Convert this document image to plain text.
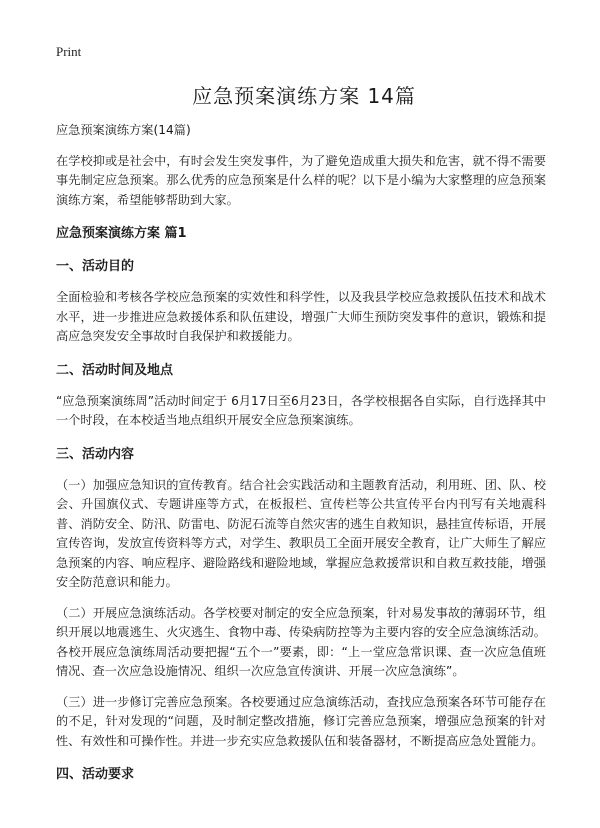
Print
应急预案演练方案 14篇

应急预案演练方案(14篇)

在学校抑或是社会中，有时会发生突发事件，为了避免造成重大损失和危害，就不得不需要事先制定应急预案。那么优秀的应急预案是什么样的呢？以下是小编为大家整理的应急预案演练方案，希望能够帮助到大家。

应急预案演练方案 篇1
一、活动目的

全面检验和考核各学校应急预案的实效性和科学性，以及我县学校应急救援队伍技术和战术水平，进一步推进应急救援体系和队伍建设，增强广大师生预防突发事件的意识，锻炼和提高应急突发安全事故时自我保护和救援能力。

二、活动时间及地点

“应急预案演练周”活动时间定于 6月17日至6月23日，各学校根据各自实际，自行选择其中一个时段，在本校适当地点组织开展安全应急预案演练。

三、活动内容

（一）加强应急知识的宣传教育。结合社会实践活动和主题教育活动，利用班、团、队、校会、升国旗仪式、专题讲座等方式，在板报栏、宣传栏等公共宣传平台内刊写有关地震科普、消防安全、防汛、防雷电、防泥石流等自然灾害的逃生自救知识，悬挂宣传标语，开展宣传咨询，发放宣传资料等方式，对学生、教职员工全面开展安全教育，让广大师生了解应急预案的内容、响应程序、避险路线和避险地域，掌握应急救援常识和自救互救技能，增强安全防范意识和能力。

（二）开展应急演练活动。各学校要对制定的安全应急预案，针对易发事故的薄弱环节，组织开展以地震逃生、火灾逃生、食物中毒、传染病防控等为主要内容的安全应急演练活动。各校开展应急演练周活动要把握“五个一”要素，即：“上一堂应急常识课、查一次应急值班情况、查一次应急设施情况、组织一次应急宣传演讲、开展一次应急演练”。

（三）进一步修订完善应急预案。各校要通过应急演练活动，查找应急预案各环节可能存在的不足，针对发现的“问题，及时制定整改措施，修订完善应急预案，增强应急预案的针对性、有效性和可操作性。并进一步充实应急救援队伍和装备器材，不断提高应急处置能力。

四、活动要求
